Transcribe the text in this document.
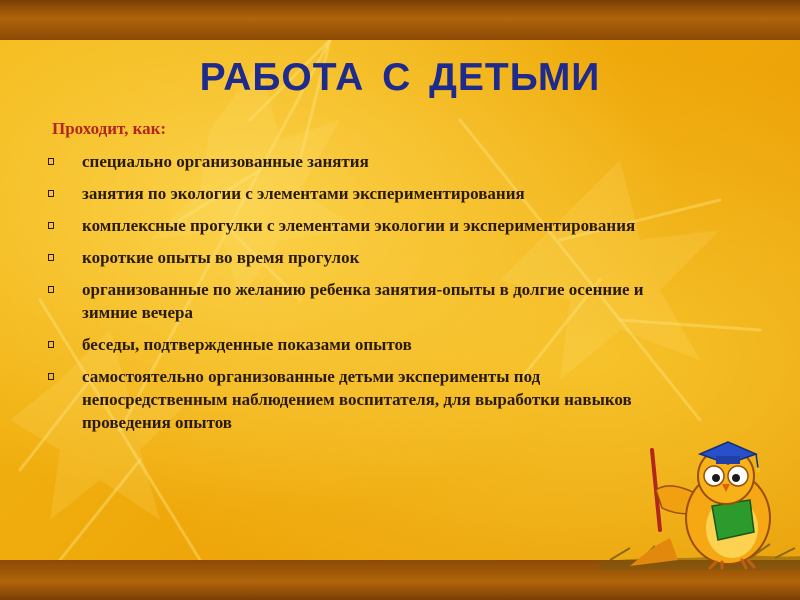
РАБОТА С ДЕТЬМИ
Проходит, как:
специально организованные занятия
занятия по экологии с элементами экспериментирования
комплексные прогулки с элементами экологии и экспериментирования
короткие опыты во время прогулок
организованные по желанию ребенка занятия-опыты в долгие осенние и зимние вечера
беседы, подтвержденные показами опытов
самостоятельно организованные детьми эксперименты под непосредственным наблюдением воспитателя, для выработки навыков проведения опытов
